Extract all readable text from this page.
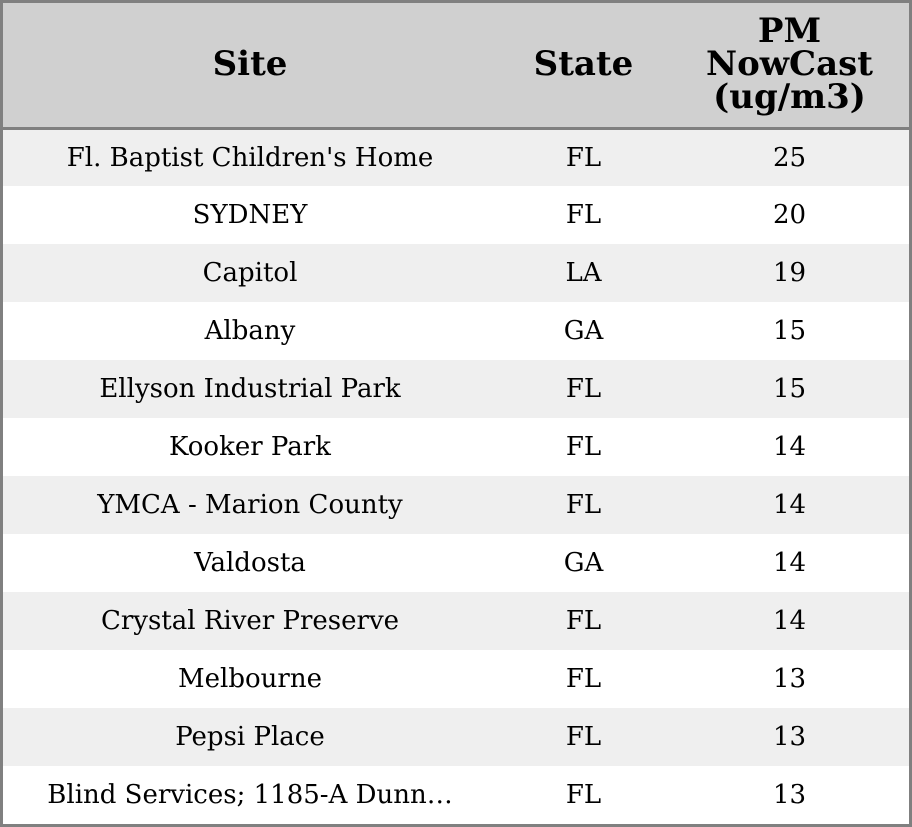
Site	State	PM
NowCast
(ug/m3)

Fl. Baptist Children's Home	FL	25
SYDNEY	FL	20
Capitol	LA	19
Albany	GA	15
Ellyson Industrial Park	FL	15
Kooker Park	FL	14
YMCA - Marion County	FL	14
Valdosta	GA	14
Crystal River Preserve	FL	14
Melbourne	FL	13
Pepsi Place	FL	13
Blind Services; 1185-A Dunn…	FL	13
